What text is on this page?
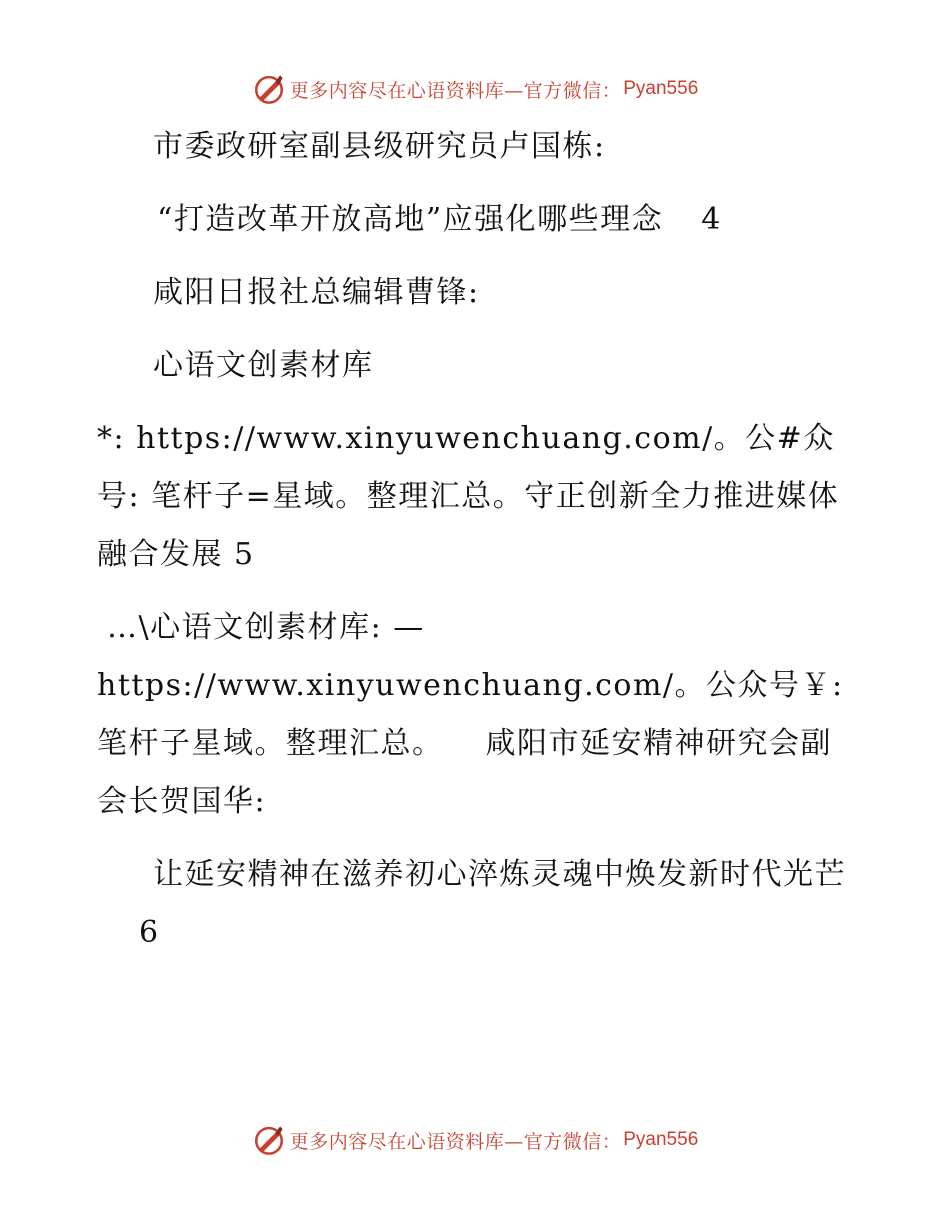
更多内容尽在心语资料库—官方微信： Pyan556

市委政研室副县级研究员卢国栋:

“打造改革开放高地”应强化哪些理念 4

咸阳日报社总编辑曹锋:

心语文创素材库

*: https://www.xinyuwenchuang.com/。公#众号: 笔杆子=星域。整理汇总。守正创新全力推进媒体融合发展 5

…\心语文创素材库: —https://www.xinyuwenchuang.com/。公众号￥: 笔杆子星域。整理汇总。 咸阳市延安精神研究会副会长贺国华:

让延安精神在滋养初心淬炼灵魂中焕发新时代光芒6

更多内容尽在心语资料库—官方微信： Pyan556
